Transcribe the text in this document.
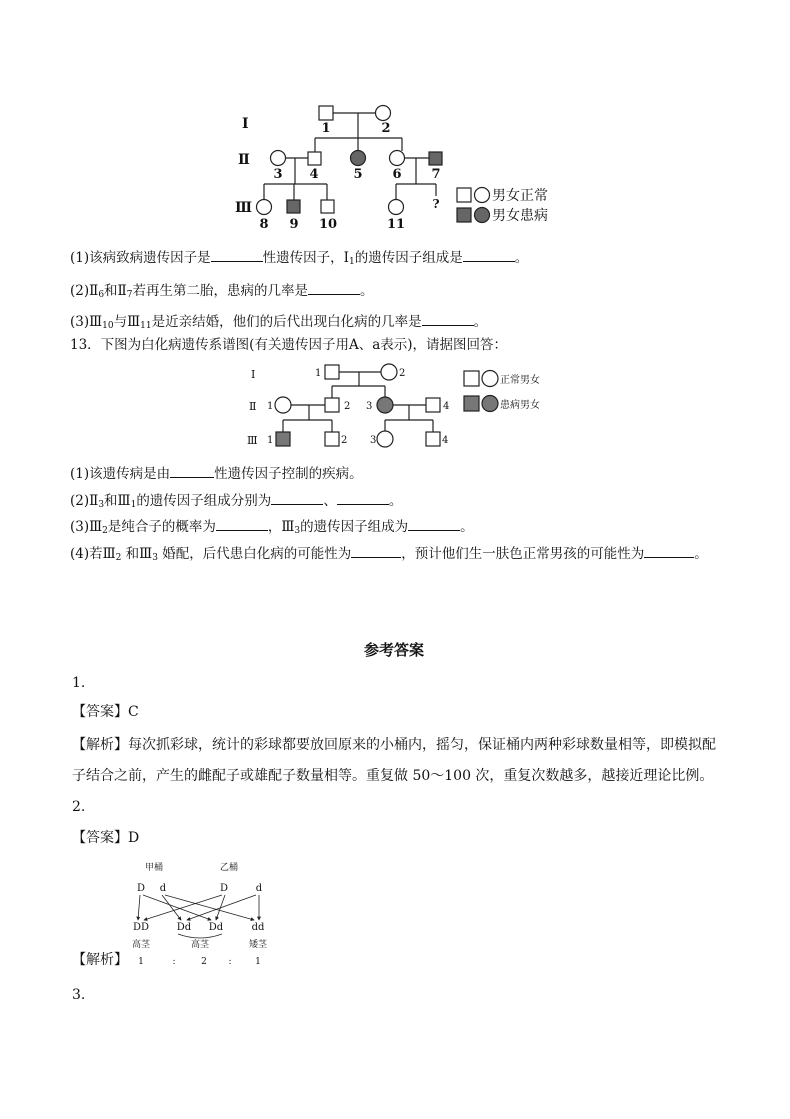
Ⅰ
Ⅱ
Ⅲ
1	2
3 4	5 6 7
8 9 10	11
?	男女正常
男女患病
(1)该病致病遗传因子是	性遗传因子，$Ⅰ_1$的遗传因子组成是	。
$(2)Ⅱ_6$和$Ⅱ_7$若再生第二胎，患病的几率是	。
$(3)Ⅲ_{10}$与$Ⅲ_{11}$是近亲结婚，他们的后代出现白化病的几率是	。
13．下图为白化病遗传系谱图(有关遗传因子用A、a表示)，请据图回答：
Ⅰ
Ⅱ
Ⅲ
1	2
1	2 3	4
1	2 3	4
正常男女
患病男女
(1)该遗传病是由	性遗传因子控制的疾病。
$(2)Ⅱ_3$和$Ⅲ_1$的遗传因子组成分别为	、	。
$(3)Ⅲ_2$是纯合子的概率为	，$Ⅲ_3$的遗传因子组成为	。
(4)若$Ⅲ_2$ 和$Ⅲ_3$ 婚配，后代患白化病的可能性为	，预计他们生一肤色正常男孩的可能性为	。
参考答案
1.
【答案】C
【解析】每次抓彩球，统计的彩球都要放回原来的小桶内，摇匀，保证桶内两种彩球数量相等，即模拟配
子结合之前，产生的雌配子或雄配子数量相等。重复做 50～100 次，重复次数越多，越接近理论比例。
2.
【答案】D
甲桶	乙桶
D d	D	d
DD	Dd Dd	dd
高茎	高茎	矮茎
1	:	2 :	1
【解析】
3.
